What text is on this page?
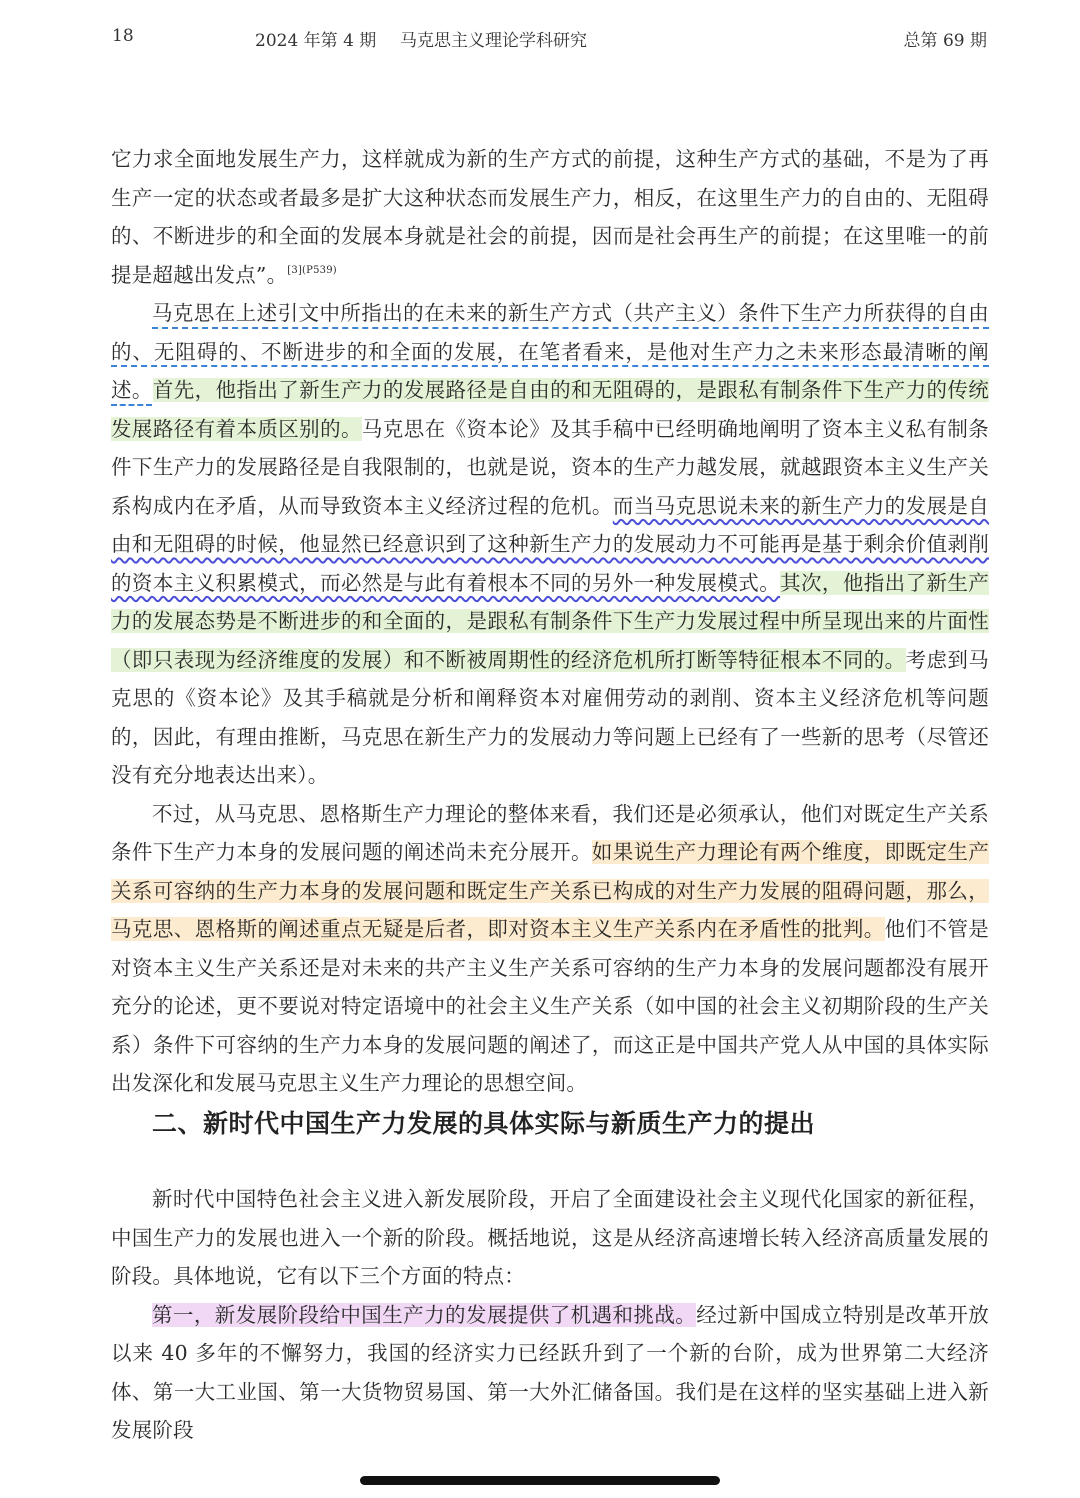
18	2024 年第 4 期 马克思主义理论学科研究	总第 69 期

它力求全面地发展生产力，这样就成为新的生产方式的前提，这种生产方式的基础，不是为了再生产一定的状态或者最多是扩大这种状态而发展生产力，相反，在这里生产力的自由的、无阻碍的、不断进步的和全面的发展本身就是社会的前提，因而是社会再生产的前提；在这里唯一的前提是超越出发点”。$^{[3](P539)}$

马克思在上述引文中所指出的在未来的新生产方式（共产主义）条件下生产力所获得的自由的、无阻碍的、不断进步的和全面的发展，在笔者看来，是他对生产力之未来形态最清晰的阐述。首先，他指出了新生产力的发展路径是自由的和无阻碍的，是跟私有制条件下生产力的传统发展路径有着本质区别的。马克思在《资本论》及其手稿中已经明确地阐明了资本主义私有制条件下生产力的发展路径是自我限制的，也就是说，资本的生产力越发展，就越跟资本主义生产关系构成内在矛盾，从而导致资本主义经济过程的危机。而当马克思说未来的新生产力的发展是自由和无阻碍的时候，他显然已经意识到了这种新生产力的发展动力不可能再是基于剩余价值剥削的资本主义积累模式，而必然是与此有着根本不同的另外一种发展模式。其次，他指出了新生产力的发展态势是不断进步的和全面的，是跟私有制条件下生产力发展过程中所呈现出来的片面性（即只表现为经济维度的发展）和不断被周期性的经济危机所打断等特征根本不同的。考虑到马克思的《资本论》及其手稿就是分析和阐释资本对雇佣劳动的剥削、资本主义经济危机等问题的，因此，有理由推断，马克思在新生产力的发展动力等问题上已经有了一些新的思考（尽管还没有充分地表达出来）。

不过，从马克思、恩格斯生产力理论的整体来看，我们还是必须承认，他们对既定生产关系条件下生产力本身的发展问题的阐述尚未充分展开。如果说生产力理论有两个维度，即既定生产关系可容纳的生产力本身的发展问题和既定生产关系已构成的对生产力发展的阻碍问题，那么，马克思、恩格斯的阐述重点无疑是后者，即对资本主义生产关系内在矛盾性的批判。他们不管是对资本主义生产关系还是对未来的共产主义生产关系可容纳的生产力本身的发展问题都没有展开充分的论述，更不要说对特定语境中的社会主义生产关系（如中国的社会主义初期阶段的生产关系）条件下可容纳的生产力本身的发展问题的阐述了，而这正是中国共产党人从中国的具体实际出发深化和发展马克思主义生产力理论的思想空间。

二、新时代中国生产力发展的具体实际与新质生产力的提出

新时代中国特色社会主义进入新发展阶段，开启了全面建设社会主义现代化国家的新征程，中国生产力的发展也进入一个新的阶段。概括地说，这是从经济高速增长转入经济高质量发展的阶段。具体地说，它有以下三个方面的特点：

第一，新发展阶段给中国生产力的发展提供了机遇和挑战。经过新中国成立特别是改革开放以来 40 多年的不懈努力，我国的经济实力已经跃升到了一个新的台阶，成为世界第二大经济体、第一大工业国、第一大货物贸易国、第一大外汇储备国。我们是在这样的坚实基础上进入新发展阶段
